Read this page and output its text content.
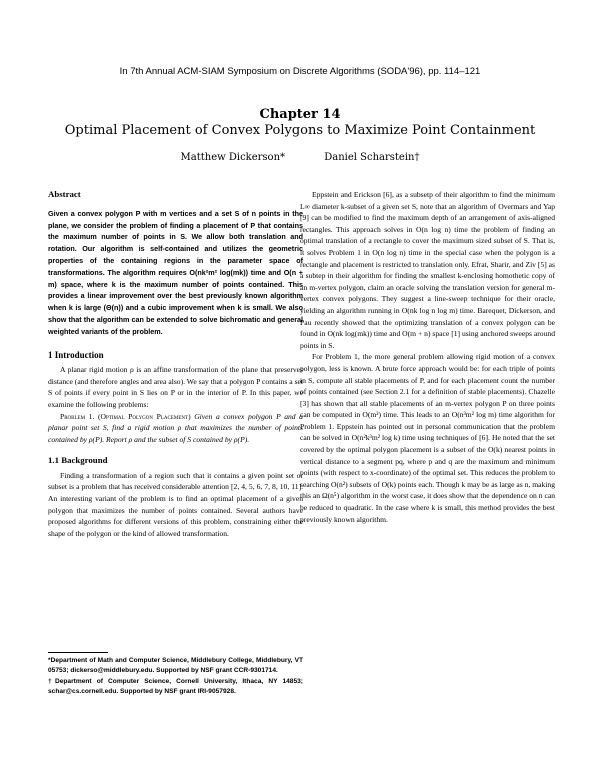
In 7th Annual ACM-SIAM Symposium on Discrete Algorithms (SODA'96), pp. 114–121
Chapter 14
Optimal Placement of Convex Polygons to Maximize Point Containment
Matthew Dickerson*	Daniel Scharstein†
Abstract

Given a convex polygon P with m vertices and a set S of n points in the plane, we consider the problem of finding a placement of P that contains the maximum number of points in S. We allow both translation and rotation. Our algorithm is self-contained and utilizes the geometric properties of the containing regions in the parameter space of transformations. The algorithm requires O(nk²m² log(mk)) time and O(n + m) space, where k is the maximum number of points contained. This provides a linear improvement over the best previously known algorithm when k is large (Θ(n)) and a cubic improvement when k is small. We also show that the algorithm can be extended to solve bichromatic and general weighted variants of the problem.

1 Introduction

A planar rigid motion ρ is an affine transformation of the plane that preserves distance (and therefore angles and area also). We say that a polygon P contains a set S of points if every point in S lies on P or in the interior of P. In this paper, we examine the following problems:

Problem 1. (Optimal Polygon Placement) Given a convex polygon P and a planar point set S, find a rigid motion ρ that maximizes the number of points contained by ρ(P). Report ρ and the subset of S contained by ρ(P).

1.1 Background

Finding a transformation of a region such that it contains a given point set or subset is a problem that has received considerable attention [2, 4, 5, 6, 7, 8, 10, 11]. An interesting variant of the problem is to find an optimal placement of a given polygon that maximizes the number of points contained. Several authors have proposed algorithms for different versions of this problem, constraining either the shape of the polygon or the kind of allowed transformation.

Eppstein and Erickson [6], as a subsetp of their algorithm to find the minimum L∞ diameter k-subset of a given set S, note that an algorithm of Overmars and Yap [9] can be modified to find the maximum depth of an arrangement of axis-aligned rectangles. This approach solves in O(n log n) time the problem of finding an optimal translation of a rectangle to cover the maximum sized subset of S. That is, it solves Problem 1 in O(n log n) time in the special case when the polygon is a rectangle and placement is restricted to translation only. Efrat, Sharir, and Ziv [5] as a subtep in their algorithm for finding the smallest k-enclosing homothetic copy of an m-vertex polygon, claim an oracle solving the translation version for general m-vertex convex polygons. They suggest a line-sweep technique for their oracle, yielding an algorithm running in O(nk log n log m) time. Barequet, Dickerson, and Pau recently showed that the optimizing translation of a convex polygon can be found in O(nk log(mk)) time and O(m + n) space [1] using anchored sweeps around points in S.

For Problem 1, the more general problem allowing rigid motion of a convex polygon, less is known. A brute force approach would be: for each triple of points in S, compute all stable placements of P, and for each placement count the number of points contained (see Section 2.1 for a definition of stable placements). Chazelle [3] has shown that all stable placements of an m-vertex polygon P on three points can be computed in O(m²) time. This leads to an O(n³m² log m) time algorithm for Problem 1. Eppstein has pointed out in personal communication that the problem can be solved in O(n²k³m² log k) time using techniques of [6]. He noted that the set covered by the optimal polygon placement is a subset of the O(k) nearest points in vertical distance to a segment pq, where p and q are the maximum and minimum points (with respect to x-coordinate) of the optimal set. This reduces the problem to searching O(n²) subsets of O(k) points each. Though k may be as large as n, making this an Ω(n⁵) algorithm in the worst case, it does show that the dependence on n can be reduced to quadratic. In the case where k is small, this method provides the best previously known algorithm.

*Department of Math and Computer Science, Middlebury College, Middlebury, VT 05753; dickerso@middlebury.edu. Supported by NSF grant CCR-9301714.

†Department of Computer Science, Cornell University, Ithaca, NY 14853; schar@cs.cornell.edu. Supported by NSF grant IRI-9057928.
